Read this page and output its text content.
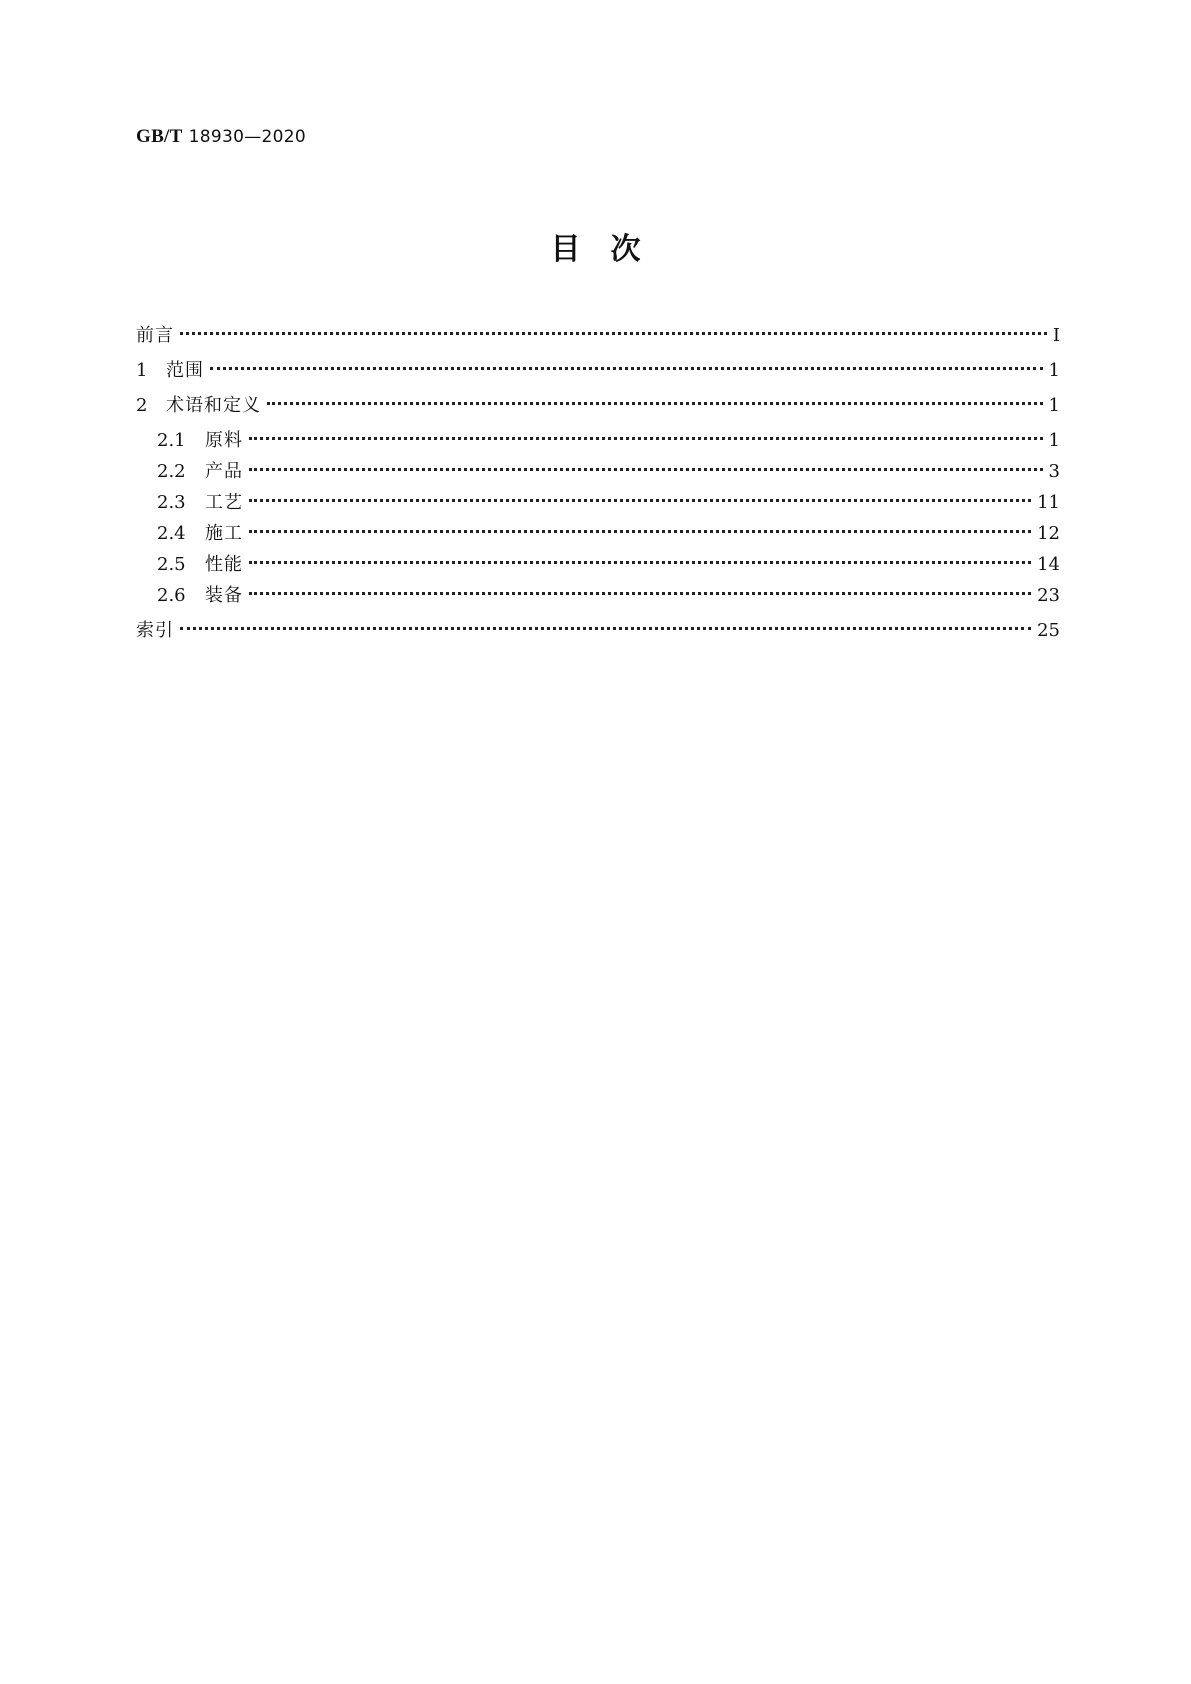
GB/T 18930—2020
目　次
前言	Ⅰ
1	范围	1
2	术语和定义	1
2.1	原料	1
2.2	产品	3
2.3	工艺	11
2.4	施工	12
2.5	性能	14
2.6	装备	23
索引	25
